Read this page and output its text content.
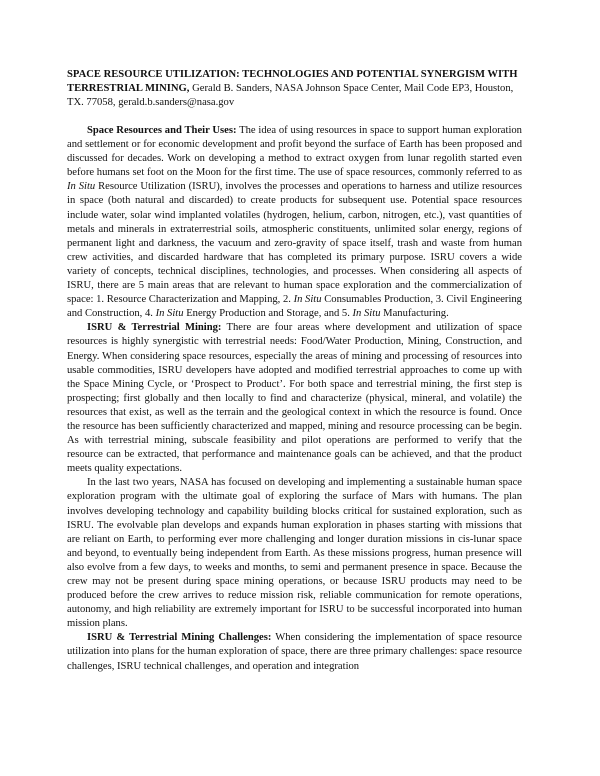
SPACE RESOURCE UTILIZATION: TECHNOLOGIES AND POTENTIAL SYNERGISM WITH TERRESTRIAL MINING, Gerald B. Sanders, NASA Johnson Space Center, Mail Code EP3, Houston, TX. 77058, gerald.b.sanders@nasa.gov

Space Resources and Their Uses: The idea of using resources in space to support human exploration and settlement or for economic development and profit beyond the surface of Earth has been proposed and discussed for decades. Work on developing a method to extract oxygen from lunar regolith started even before humans set foot on the Moon for the first time. The use of space resources, commonly referred to as In Situ Resource Utilization (ISRU), involves the processes and operations to harness and utilize resources in space (both natural and discarded) to create products for subsequent use. Potential space resources include water, solar wind implanted volatiles (hydrogen, helium, carbon, nitrogen, etc.), vast quantities of metals and minerals in extraterrestrial soils, atmospheric constituents, unlimited solar energy, regions of permanent light and darkness, the vacuum and zero-gravity of space itself, trash and waste from human crew activities, and discarded hardware that has completed its primary purpose. ISRU covers a wide variety of concepts, technical disciplines, technologies, and processes. When considering all aspects of ISRU, there are 5 main areas that are relevant to human space exploration and the commercialization of space: 1. Resource Characterization and Mapping, 2. In Situ Consumables Production, 3. Civil Engineering and Construction, 4. In Situ Energy Production and Storage, and 5. In Situ Manufacturing.

ISRU & Terrestrial Mining: There are four areas where development and utilization of space resources is highly synergistic with terrestrial needs: Food/Water Production, Mining, Construction, and Energy. When considering space resources, especially the areas of mining and processing of resources into usable commodities, ISRU developers have adopted and modified terrestrial approaches to come up with the Space Mining Cycle, or ‘Prospect to Product’. For both space and terrestrial mining, the first step is prospecting; first globally and then locally to find and characterize (physical, mineral, and volatile) the resources that exist, as well as the terrain and the geological context in which the resource is found. Once the resource has been sufficiently characterized and mapped, mining and resource processing can be begin. As with terrestrial mining, subscale feasibility and pilot operations are performed to verify that the resource can be extracted, that performance and maintenance goals can be achieved, and that the product meets quality expectations.

In the last two years, NASA has focused on developing and implementing a sustainable human space exploration program with the ultimate goal of exploring the surface of Mars with humans. The plan involves developing technology and capability building blocks critical for sustained exploration, such as ISRU. The evolvable plan develops and expands human exploration in phases starting with missions that are reliant on Earth, to performing ever more challenging and longer duration missions in cis-lunar space and beyond, to eventually being independent from Earth. As these missions progress, human presence will also evolve from a few days, to weeks and months, to semi and permanent presence in space. Because the crew may not be present during space mining operations, or because ISRU products may need to be produced before the crew arrives to reduce mission risk, reliable communication for remote operations, autonomy, and high reliability are extremely important for ISRU to be successful incorporated into human mission plans.

ISRU & Terrestrial Mining Challenges: When considering the implementation of space resource utilization into plans for the human exploration of space, there are three primary challenges: space resource challenges, ISRU technical challenges, and operation and integration
